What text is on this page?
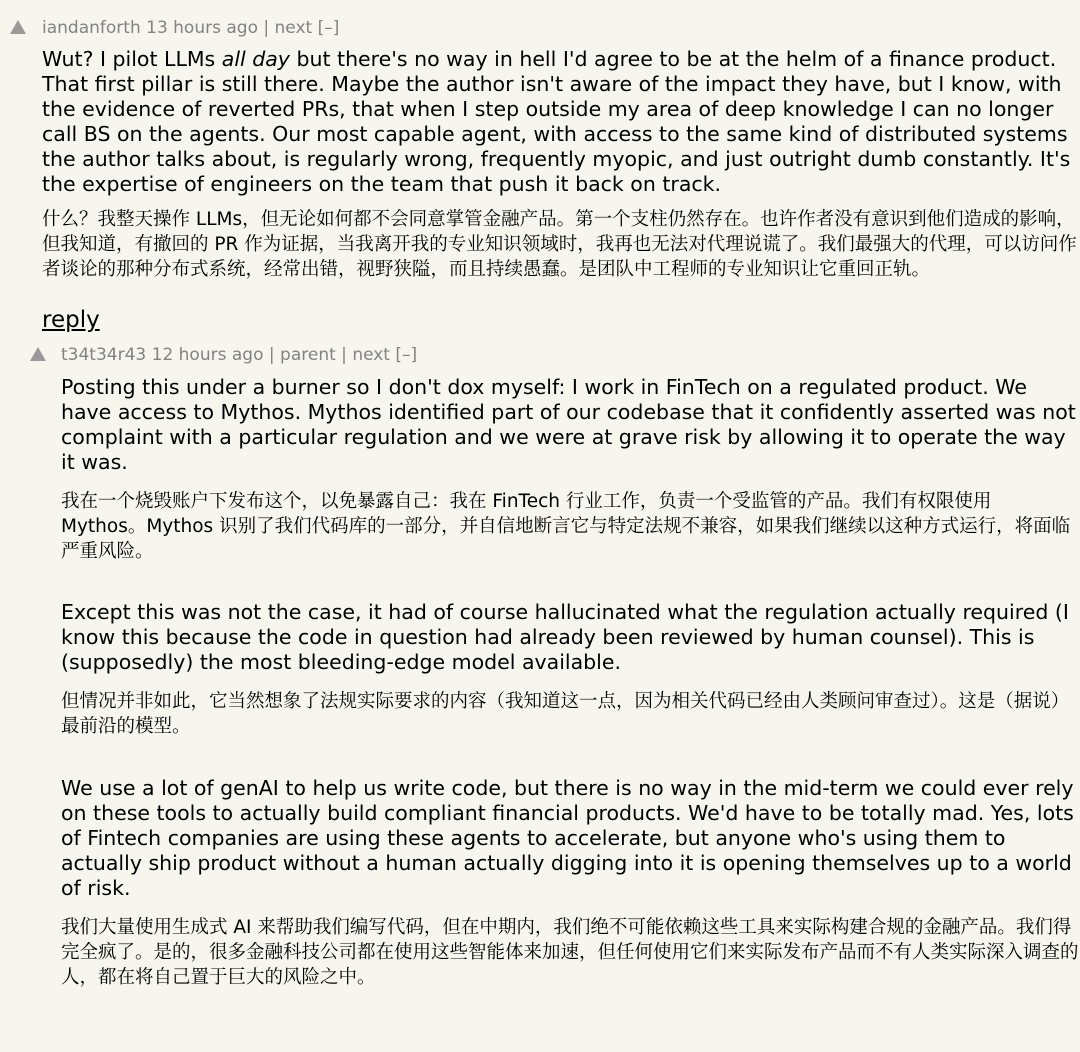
iandanforth 13 hours ago | next [–]

Wut? I pilot LLMs all day but there's no way in hell I'd agree to be at the helm of a finance product. That first pillar is still there. Maybe the author isn't aware of the impact they have, but I know, with the evidence of reverted PRs, that when I step outside my area of deep knowledge I can no longer call BS on the agents. Our most capable agent, with access to the same kind of distributed systems the author talks about, is regularly wrong, frequently myopic, and just outright dumb constantly. It's the expertise of engineers on the team that push it back on track.

什么？我整天操作 LLMs，但无论如何都不会同意掌管金融产品。第一个支柱仍然存在。也许作者没有意识到他们造成的影响，但我知道，有撤回的 PR 作为证据，当我离开我的专业知识领域时，我再也无法对代理说谎了。我们最强大的代理，可以访问作者谈论的那种分布式系统，经常出错，视野狭隘，而且持续愚蠢。是团队中工程师的专业知识让它重回正轨。

reply
t34t34r43 12 hours ago | parent | next [–]

Posting this under a burner so I don't dox myself: I work in FinTech on a regulated product. We have access to Mythos. Mythos identified part of our codebase that it confidently asserted was not complaint with a particular regulation and we were at grave risk by allowing it to operate the way it was.

我在一个烧毁账户下发布这个，以免暴露自己：我在 FinTech 行业工作，负责一个受监管的产品。我们有权限使用 Mythos。Mythos 识别了我们代码库的一部分，并自信地断言它与特定法规不兼容，如果我们继续以这种方式运行，将面临严重风险。

Except this was not the case, it had of course hallucinated what the regulation actually required (I know this because the code in question had already been reviewed by human counsel). This is (supposedly) the most bleeding-edge model available.

但情况并非如此，它当然想象了法规实际要求的内容（我知道这一点，因为相关代码已经由人类顾问审查过）。这是（据说）最前沿的模型。

We use a lot of genAI to help us write code, but there is no way in the mid-term we could ever rely on these tools to actually build compliant financial products. We'd have to be totally mad. Yes, lots of Fintech companies are using these agents to accelerate, but anyone who's using them to actually ship product without a human actually digging into it is opening themselves up to a world of risk.

我们大量使用生成式 AI 来帮助我们编写代码，但在中期内，我们绝不可能依赖这些工具来实际构建合规的金融产品。我们得完全疯了。是的，很多金融科技公司都在使用这些智能体来加速，但任何使用它们来实际发布产品而不有人类实际深入调查的人，都在将自己置于巨大的风险之中。
